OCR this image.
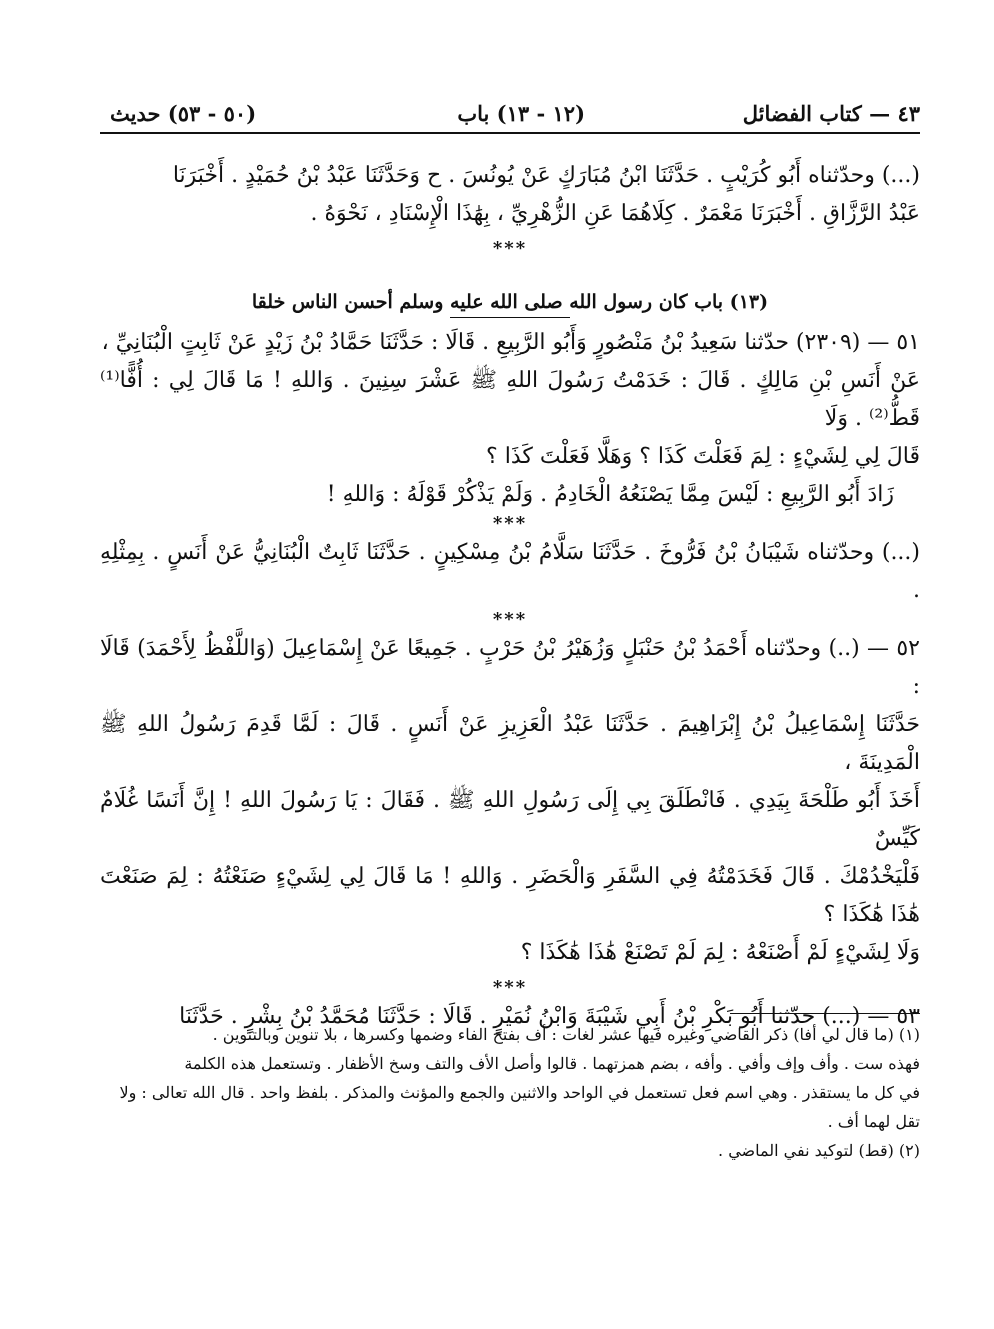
٤٣ — كتاب الفضائل
(١٢ - ١٣) باب
(٥٠ - ٥٣) حديث

(...) وحدّثناه أَبُو كُرَيْبٍ . حَدَّثَنَا ابْنُ مُبَارَكٍ عَنْ يُونُسَ . ح وَحَدَّثَنَا عَبْدُ بْنُ حُمَيْدٍ . أَخْبَرَنَا

عَبْدُ الرَّزَّاقِ . أَخْبَرَنَا مَعْمَرٌ . كِلَاهُمَا عَنِ الزُّهْرِيِّ ، بِهَٰذَا الْإِسْنَادِ ، نَحْوَهُ .

***
(١٣) باب كان رسول الله صلى الله عليه وسلم أحسن الناس خلقا

٥١ — (٢٣٠٩) حدّثنا سَعِيدُ بْنُ مَنْصُورٍ وَأَبُو الرَّبِيعِ . قَالَا : حَدَّثَنَا حَمَّادُ بْنُ زَيْدٍ عَنْ ثَابِتٍ الْبُنَانِيِّ ،

عَنْ أَنَسِ بْنِ مَالِكٍ . قَالَ : خَدَمْتُ رَسُولَ اللهِ ﷺ عَشْرَ سِنِينَ . وَاللهِ ! مَا قَالَ لِي : أُفًّا⁽¹⁾ قَطُّ⁽²⁾ . وَلَا

قَالَ لِي لِشَيْءٍ : لِمَ فَعَلْتَ كَذَا ؟ وَهَلَّا فَعَلْتَ كَذَا ؟

زَادَ أَبُو الرَّبِيعِ : لَيْسَ مِمَّا يَصْنَعُهُ الْخَادِمُ . وَلَمْ يَذْكُرْ قَوْلَهُ : وَاللهِ !

***

(...) وحدّثناه شَيْبَانُ بْنُ فَرُّوخَ . حَدَّثَنَا سَلَّامُ بْنُ مِسْكِينٍ . حَدَّثَنَا ثَابِتٌ الْبُنَانِيُّ عَنْ أَنَسٍ . بِمِثْلِهِ .

***

٥٢ — (..) وحدّثناه أَحْمَدُ بْنُ حَنْبَلٍ وَزُهَيْرُ بْنُ حَرْبٍ . جَمِيعًا عَنْ إِسْمَاعِيلَ (وَاللَّفْظُ لِأَحْمَدَ) قَالَا :

حَدَّثَنَا إِسْمَاعِيلُ بْنُ إِبْرَاهِيمَ . حَدَّثَنَا عَبْدُ الْعَزِيزِ عَنْ أَنَسٍ . قَالَ : لَمَّا قَدِمَ رَسُولُ اللهِ ﷺ الْمَدِينَةَ ،

أَخَذَ أَبُو طَلْحَةَ بِيَدِي . فَانْطَلَقَ بِي إِلَى رَسُولِ اللهِ ﷺ . فَقَالَ : يَا رَسُولَ اللهِ ! إِنَّ أَنَسًا غُلَامٌ كَيِّسٌ

فَلْيَخْدُمْكَ . قَالَ فَخَدَمْتُهُ فِي السَّفَرِ وَالْحَضَرِ . وَاللهِ ! مَا قَالَ لِي لِشَيْءٍ صَنَعْتُهُ : لِمَ صَنَعْتَ هَٰذَا هَٰكَذَا ؟

وَلَا لِشَيْءٍ لَمْ أَصْنَعْهُ : لِمَ لَمْ تَصْنَعْ هَٰذَا هَٰكَذَا ؟

***

٥٣ — (...) حدّثنا أَبُو بَكْرِ بْنُ أَبِي شَيْبَةَ وَابْنُ نُمَيْرٍ . قَالَا : حَدَّثَنَا مُحَمَّدُ بْنُ بِشْرٍ . حَدَّثَنَا

(١) (ما قال لي أفا) ذكر القاضي وغيره فيها عشر لغات : أف بفتح الفاء وضمها وكسرها ، بلا تنوين وبالتنوين .

فهذه ست . وأف وإف وأفي . وأفه ، بضم همزتهما . قالوا وأصل الأف والتف وسخ الأظفار . وتستعمل هذه الكلمة

في كل ما يستقذر . وهي اسم فعل تستعمل في الواحد والاثنين والجمع والمؤنث والمذكر . بلفظ واحد . قال الله تعالى : ولا

تقل لهما أف .

(٢) (قط) لتوكيد نفي الماضي .
